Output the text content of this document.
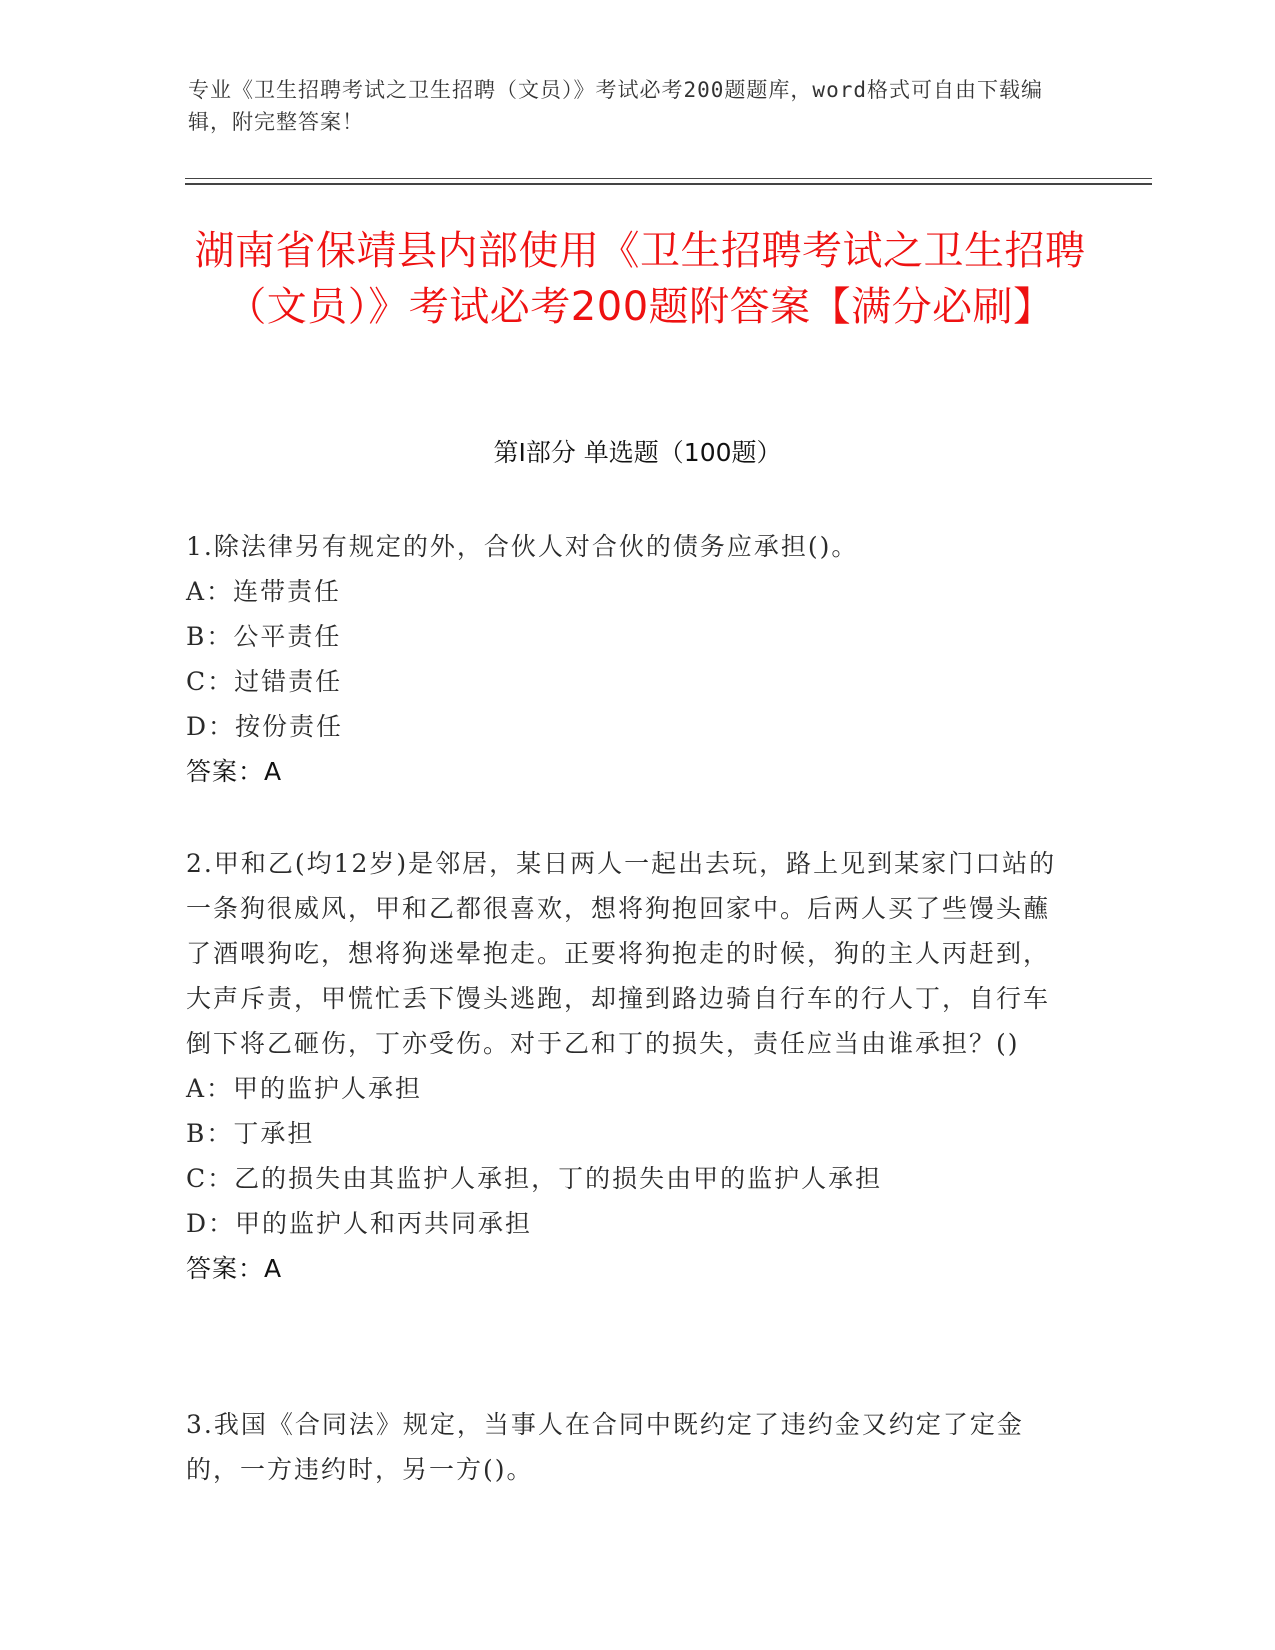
专业《卫生招聘考试之卫生招聘（文员）》考试必考200题题库，word格式可自由下载编辑，附完整答案！
湖南省保靖县内部使用《卫生招聘考试之卫生招聘（文员）》考试必考200题附答案【满分必刷】
第Ⅰ部分 单选题（100题）

1.除法律另有规定的外，合伙人对合伙的债务应承担()。

A：连带责任

B：公平责任

C：过错责任

D：按份责任

答案：A

2.甲和乙(均12岁)是邻居，某日两人一起出去玩，路上见到某家门口站的一条狗很威风，甲和乙都很喜欢，想将狗抱回家中。后两人买了些馒头蘸了酒喂狗吃，想将狗迷晕抱走。正要将狗抱走的时候，狗的主人丙赶到，大声斥责，甲慌忙丢下馒头逃跑，却撞到路边骑自行车的行人丁，自行车倒下将乙砸伤，丁亦受伤。对于乙和丁的损失，责任应当由谁承担？()

A：甲的监护人承担

B：丁承担

C：乙的损失由其监护人承担，丁的损失由甲的监护人承担

D：甲的监护人和丙共同承担

答案：A

3.我国《合同法》规定，当事人在合同中既约定了违约金又约定了定金的，一方违约时，另一方()。
